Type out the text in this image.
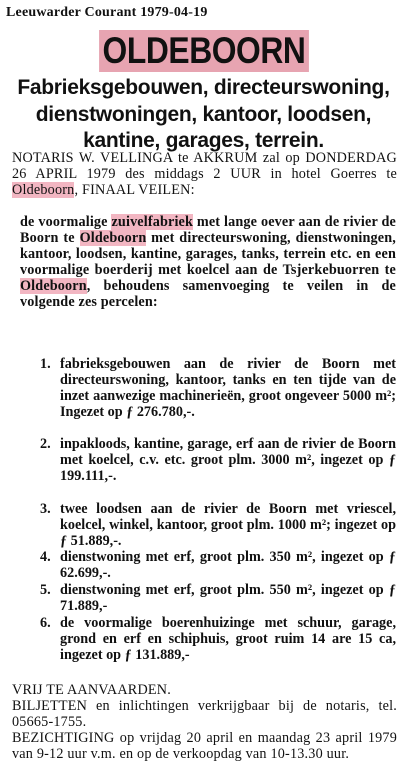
Leeuwarder Courant 1979-04-19
OLDEBOORN
Fabrieksgebouwen, directeurswoning,
dienstwoningen, kantoor, loodsen,
kantine, garages, terrein.
NOTARIS W. VELLINGA te AKKRUM zal op DONDERDAG 26 APRIL 1979 des middags 2 UUR in hotel Goerres te Oldeboorn, FINAAL VEILEN:
de voormalige zuivelfabriek met lange oever aan de rivier de Boorn te Oldeboorn met directeurswoning, dienstwoningen, kantoor, loodsen, kantine, garages, tanks, terrein etc. en een voormalige boerderij met koelcel aan de Tsjerkebuorren te Oldeboorn, behoudens samenvoeging te veilen in de volgende zes percelen:
1. fabrieksgebouwen aan de rivier de Boorn met directeurswoning, kantoor, tanks en ten tijde van de inzet aanwezige machinerieën, groot ongeveer 5000 m²; Ingezet op ƒ 276.780,-.
2. inpakloods, kantine, garage, erf aan de rivier de Boorn met koelcel, c.v. etc. groot plm. 3000 m², ingezet op ƒ 199.111,-.
3. twee loodsen aan de rivier de Boorn met vriescel, koelcel, winkel, kantoor, groot plm. 1000 m²; ingezet op ƒ 51.889,-.
4. dienstwoning met erf, groot plm. 350 m², ingezet op ƒ 62.699,-.
5. dienstwoning met erf, groot plm. 550 m², ingezet op ƒ 71.889,-
6. de voormalige boerenhuizinge met schuur, garage, grond en erf en schiphuis, groot ruim 14 are 15 ca, ingezet op ƒ 131.889,-
VRIJ TE AANVAARDEN.
BILJETTEN en inlichtingen verkrijgbaar bij de notaris, tel. 05665-1755.
BEZICHTIGING op vrijdag 20 april en maandag 23 april 1979 van 9-12 uur v.m. en op de verkoopdag van 10-13.30 uur.
